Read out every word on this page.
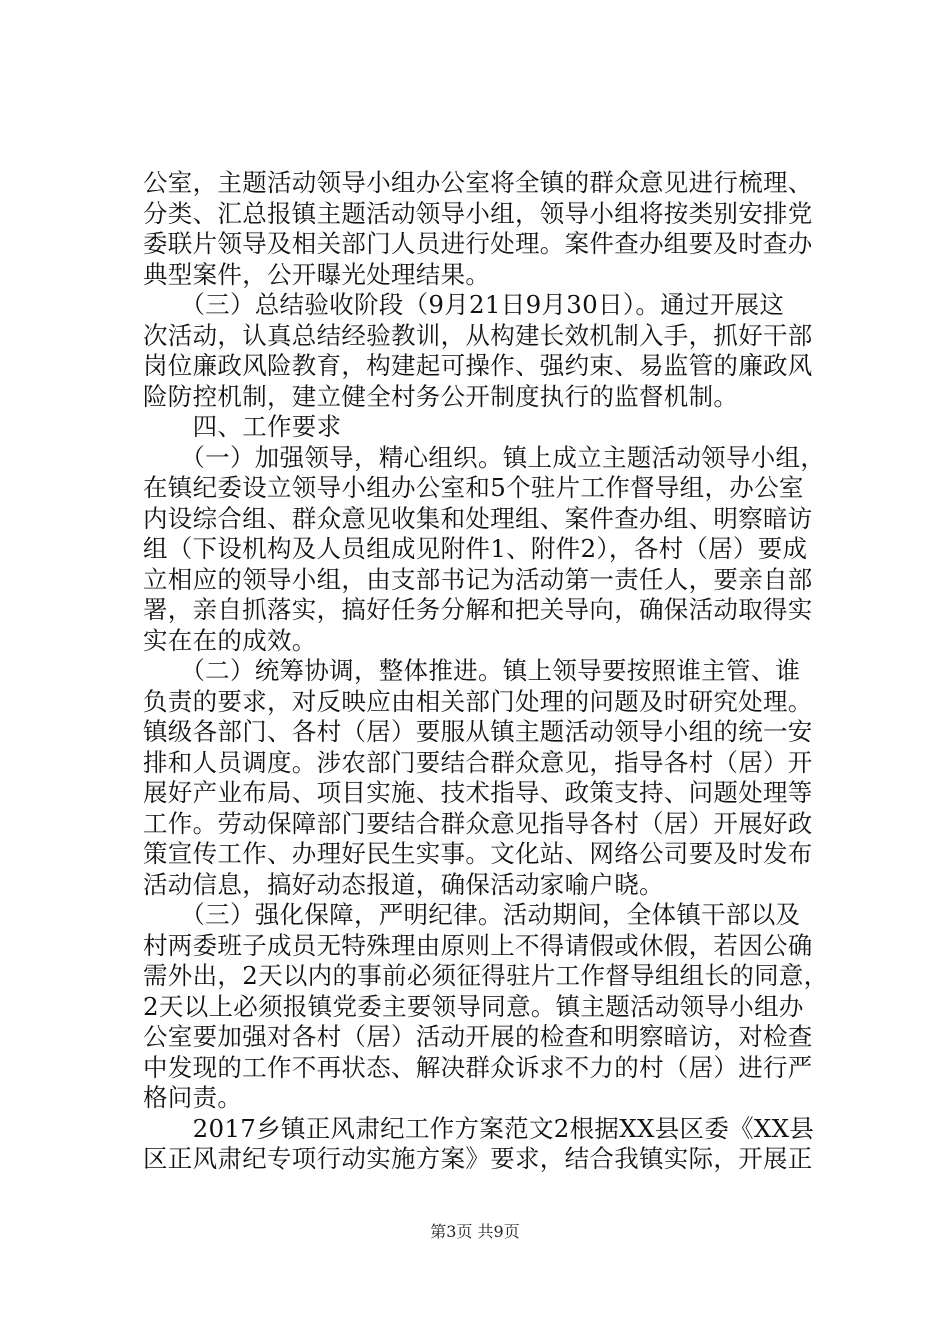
公室，主题活动领导小组办公室将全镇的群众意见进行梳理、
分类、汇总报镇主题活动领导小组，领导小组将按类别安排党
委联片领导及相关部门人员进行处理。案件查办组要及时查办
典型案件，公开曝光处理结果。
　　（三）总结验收阶段（9月21日9月30日）。通过开展这
次活动，认真总结经验教训，从构建长效机制入手，抓好干部
岗位廉政风险教育，构建起可操作、强约束、易监管的廉政风
险防控机制，建立健全村务公开制度执行的监督机制。
　　四、工作要求
　　（一）加强领导，精心组织。镇上成立主题活动领导小组，
在镇纪委设立领导小组办公室和5个驻片工作督导组，办公室
内设综合组、群众意见收集和处理组、案件查办组、明察暗访
组（下设机构及人员组成见附件1、附件2），各村（居）要成
立相应的领导小组，由支部书记为活动第一责任人，要亲自部
署，亲自抓落实，搞好任务分解和把关导向，确保活动取得实
实在在的成效。
　　（二）统筹协调，整体推进。镇上领导要按照谁主管、谁
负责的要求，对反映应由相关部门处理的问题及时研究处理。
镇级各部门、各村（居）要服从镇主题活动领导小组的统一安
排和人员调度。涉农部门要结合群众意见，指导各村（居）开
展好产业布局、项目实施、技术指导、政策支持、问题处理等
工作。劳动保障部门要结合群众意见指导各村（居）开展好政
策宣传工作、办理好民生实事。文化站、网络公司要及时发布
活动信息，搞好动态报道，确保活动家喻户晓。
　　（三）强化保障，严明纪律。活动期间，全体镇干部以及
村两委班子成员无特殊理由原则上不得请假或休假，若因公确
需外出，2天以内的事前必须征得驻片工作督导组组长的同意，
2天以上必须报镇党委主要领导同意。镇主题活动领导小组办
公室要加强对各村（居）活动开展的检查和明察暗访，对检查
中发现的工作不再状态、解决群众诉求不力的村（居）进行严
格问责。
　　2017乡镇正风肃纪工作方案范文2根据XX县区委《XX县
区正风肃纪专项行动实施方案》要求，结合我镇实际，开展正
第3页 共9页
